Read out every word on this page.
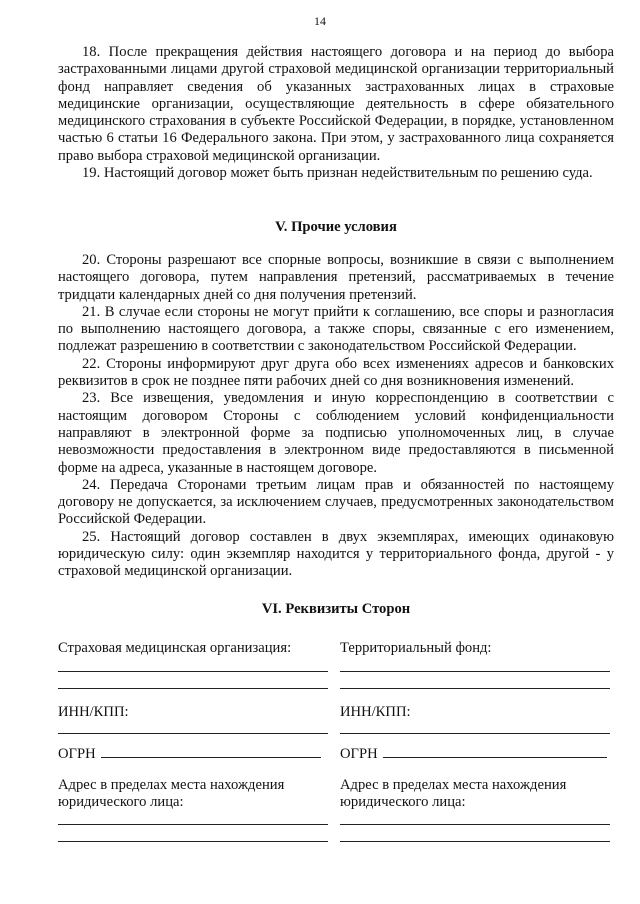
14

18. После прекращения действия настоящего договора и на период до выбора застрахованными лицами другой страховой медицинской организации территориальный фонд направляет сведения об указанных застрахованных лицах в страховые медицинские организации, осуществляющие деятельность в сфере обязательного медицинского страхования в субъекте Российской Федерации, в порядке, установленном частью 6 статьи 16 Федерального закона. При этом, у застрахованного лица сохраняется право выбора страховой медицинской организации.

19. Настоящий договор может быть признан недействительным по решению суда.

V. Прочие условия

20. Стороны разрешают все спорные вопросы, возникшие в связи с выполнением настоящего договора, путем направления претензий, рассматриваемых в течение тридцати календарных дней со дня получения претензий.

21. В случае если стороны не могут прийти к соглашению, все споры и разногласия по выполнению настоящего договора, а также споры, связанные с его изменением, подлежат разрешению в соответствии с законодательством Российской Федерации.

22. Стороны информируют друг друга обо всех изменениях адресов и банковских реквизитов в срок не позднее пяти рабочих дней со дня возникновения изменений.

23. Все извещения, уведомления и иную корреспонденцию в соответствии с настоящим договором Стороны с соблюдением условий конфиденциальности направляют в электронной форме за подписью уполномоченных лиц, в случае невозможности предоставления в электронном виде предоставляются в письменной форме на адреса, указанные в настоящем договоре.

24. Передача Сторонами третьим лицам прав и обязанностей по настоящему договору не допускается, за исключением случаев, предусмотренных законодательством Российской Федерации.

25. Настоящий договор составлен в двух экземплярах, имеющих одинаковую юридическую силу: один экземпляр находится у территориального фонда, другой - у страховой медицинской организации.

VI. Реквизиты Сторон
Страховая медицинская организация:
ИНН/КПП:
ОГРН
Адрес в пределах места нахождения
юридического лица:
Территориальный фонд:
ИНН/КПП:
ОГРН
Адрес в пределах места нахождения
юридического лица:
